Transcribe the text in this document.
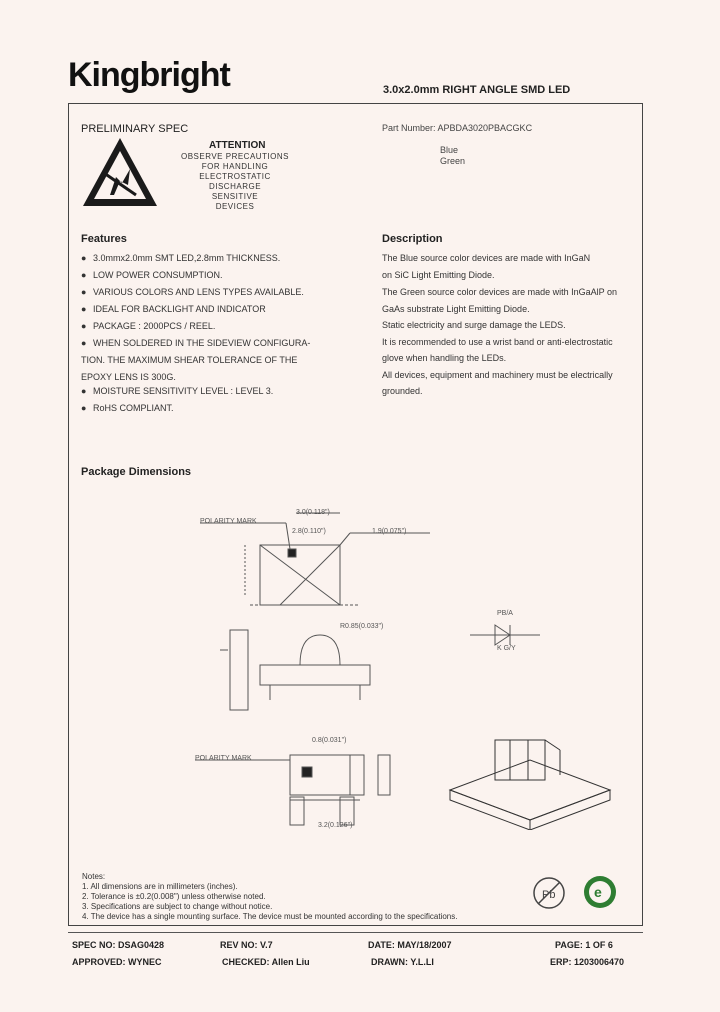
Kingbright	3.0x2.0mm RIGHT ANGLE SMD LED
PRELIMINARY SPEC	Part Number: APBDA3020PBACGKC
Blue
Green
ATTENTION
OBSERVE PRECAUTIONS
FOR HANDLING
ELECTROSTATIC
DISCHARGE
SENSITIVE
DEVICES
Features
● 3.0mmx2.0mm SMT LED,2.8mm THICKNESS.
● LOW POWER CONSUMPTION.
● VARIOUS COLORS AND LENS TYPES AVAILABLE.
● IDEAL FOR BACKLIGHT AND INDICATOR
● PACKAGE : 2000PCS / REEL.
● WHEN SOLDERED IN THE SIDEVIEW CONFIGURA-
TION. THE MAXIMUM SHEAR TOLERANCE OF THE
EPOXY LENS IS 300G.
● MOISTURE SENSITIVITY LEVEL : LEVEL 3.
● RoHS COMPLIANT.
Description
The Blue source color devices are made with InGaN
on SiC Light Emitting Diode.
The Green source color devices are made with InGaAlP on
GaAs substrate Light Emitting Diode.
Static electricity and surge damage the LEDS.
It is recommended to use a wrist band or anti-electrostatic
glove when handling the LEDs.
All devices, equipment and machinery must be electrically
grounded.
Package Dimensions
POLARITY MARK
3.0(0.118")
2.8(0.110")	1.9(0.075")
R0.85(0.033")
PB/A
K G/Y
POLARITY MARK
0.8(0.031")
3.2(0.126")
Notes:
1. All dimensions are in millimeters (inches).
2. Tolerance is ±0.2(0.008") unless otherwise noted.
3. Specifications are subject to change without notice.
4. The device has a single mounting surface. The device must be mounted according to the specifications.
Pb	e
SPEC NO: DSAG0428	REV NO: V.7	DATE: MAY/18/2007	PAGE: 1 OF 6
APPROVED: WYNEC	CHECKED: Allen Liu	DRAWN: Y.L.LI	ERP: 1203006470
